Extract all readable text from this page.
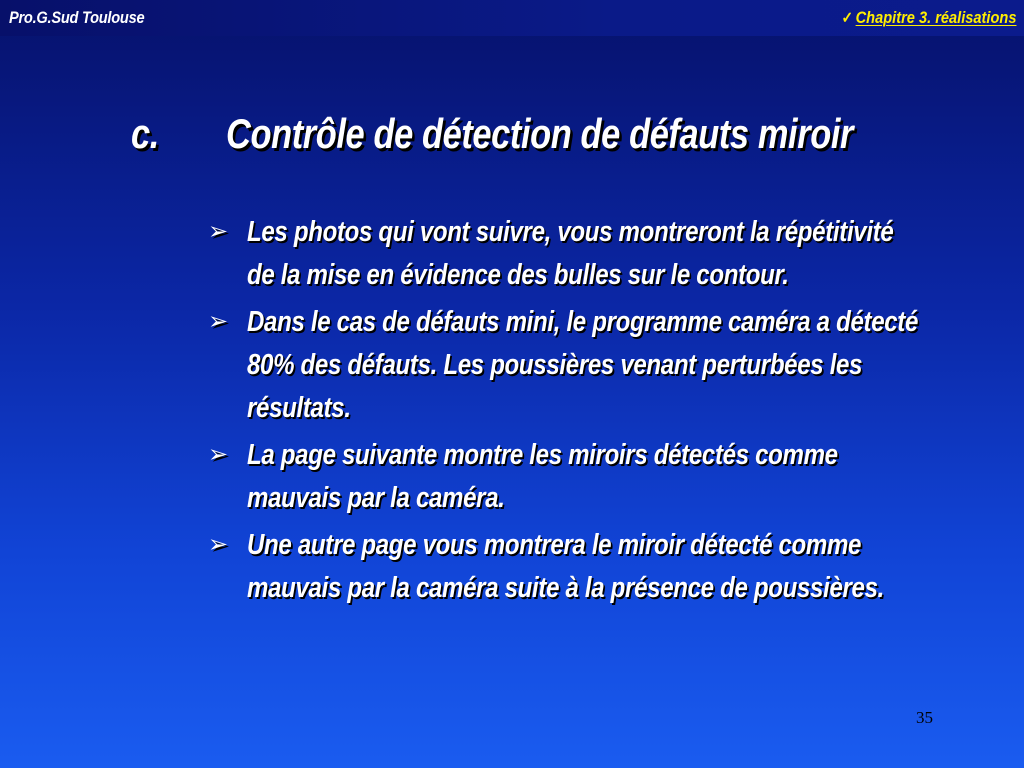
Pro.G.Sud Toulouse	✓ Chapitre 3. réalisations
c. Contrôle de détection de défauts miroir
➢ Les photos qui vont suivre, vous montreront la répétitivité de la mise en évidence des bulles sur le contour.
➢ Dans le cas de défauts mini, le programme caméra a détecté 80% des défauts. Les poussières venant perturbées les résultats.
➢ La page suivante montre les miroirs détectés comme mauvais par la caméra.
➢ Une autre page vous montrera le miroir détecté comme mauvais par la caméra suite à la présence de poussières.
35
